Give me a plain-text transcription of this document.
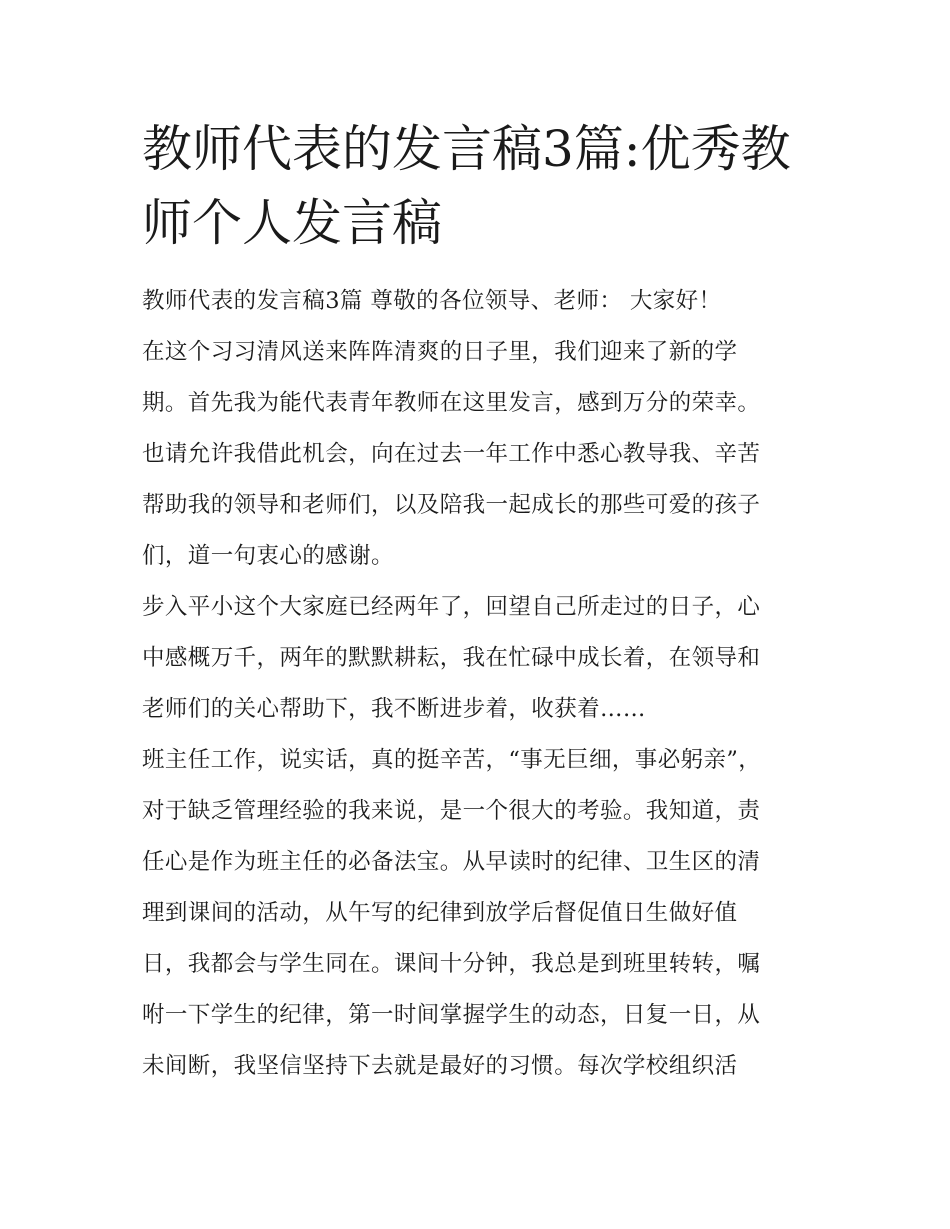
教师代表的发言稿3篇:优秀教
师个人发言稿

教师代表的发言稿3篇 尊敬的各位领导、老师： 大家好！

在这个习习清风送来阵阵清爽的日子里，我们迎来了新的学
期。首先我为能代表青年教师在这里发言，感到万分的荣幸。
也请允许我借此机会，向在过去一年工作中悉心教导我、辛苦
帮助我的领导和老师们，以及陪我一起成长的那些可爱的孩子
们，道一句衷心的感谢。

步入平小这个大家庭已经两年了，回望自己所走过的日子，心
中感概万千，两年的默默耕耘，我在忙碌中成长着，在领导和
老师们的关心帮助下，我不断进步着，收获着……

班主任工作，说实话，真的挺辛苦，“事无巨细，事必躬亲”，
对于缺乏管理经验的我来说，是一个很大的考验。我知道，责
任心是作为班主任的必备法宝。从早读时的纪律、卫生区的清
理到课间的活动，从午写的纪律到放学后督促值日生做好值
日，我都会与学生同在。课间十分钟，我总是到班里转转，嘱
咐一下学生的纪律，第一时间掌握学生的动态，日复一日，从
未间断，我坚信坚持下去就是最好的习惯。每次学校组织活
